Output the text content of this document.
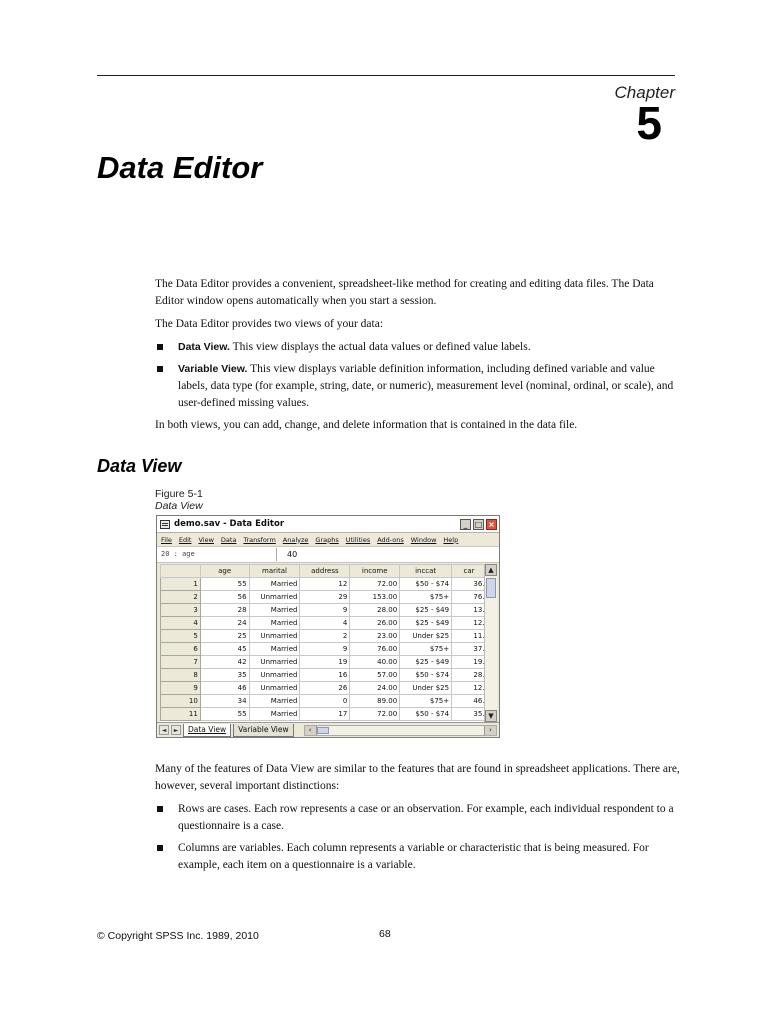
Chapter
5
Data Editor

The Data Editor provides a convenient, spreadsheet-like method for creating and editing data files. The Data Editor window opens automatically when you start a session.

The Data Editor provides two views of your data:

Data View. This view displays the actual data values or defined value labels.
Variable View. This view displays variable definition information, including defined variable and value labels, data type (for example, string, date, or numeric), measurement level (nominal, ordinal, or scale), and user-defined missing values.

In both views, you can add, change, and delete information that is contained in the data file.

Data View
Figure 5-1
Data View
demo.sav - Data Editor	_ □ ×
File Edit View Data Transform Analyze Graphs Utilities Add-ons Window Help
20 : age	40
	age	marital	address	income	inccat	car
1	55	Married	12	72.00	$50 - $74	36.
2	56	Unmarried	29	153.00	$75+	76.
3	28	Married	9	28.00	$25 - $49	13.
4	24	Married	4	26.00	$25 - $49	12.
5	25	Unmarried	2	23.00	Under $25	11.
6	45	Married	9	76.00	$75+	37.
7	42	Unmarried	19	40.00	$25 - $49	19.
8	35	Unmarried	16	57.00	$50 - $74	28.
9	46	Unmarried	26	24.00	Under $25	12.
10	34	Married	0	89.00	$75+	46.
11	55	Married	17	72.00	$50 - $74	35.
▲
▼
◄	►	Data View	Variable View	‹	›

Many of the features of Data View are similar to the features that are found in spreadsheet applications. There are, however, several important distinctions:

Rows are cases. Each row represents a case or an observation. For example, each individual respondent to a questionnaire is a case.
Columns are variables. Each column represents a variable or characteristic that is being measured. For example, each item on a questionnaire is a variable.
© Copyright SPSS Inc. 1989, 2010	68
